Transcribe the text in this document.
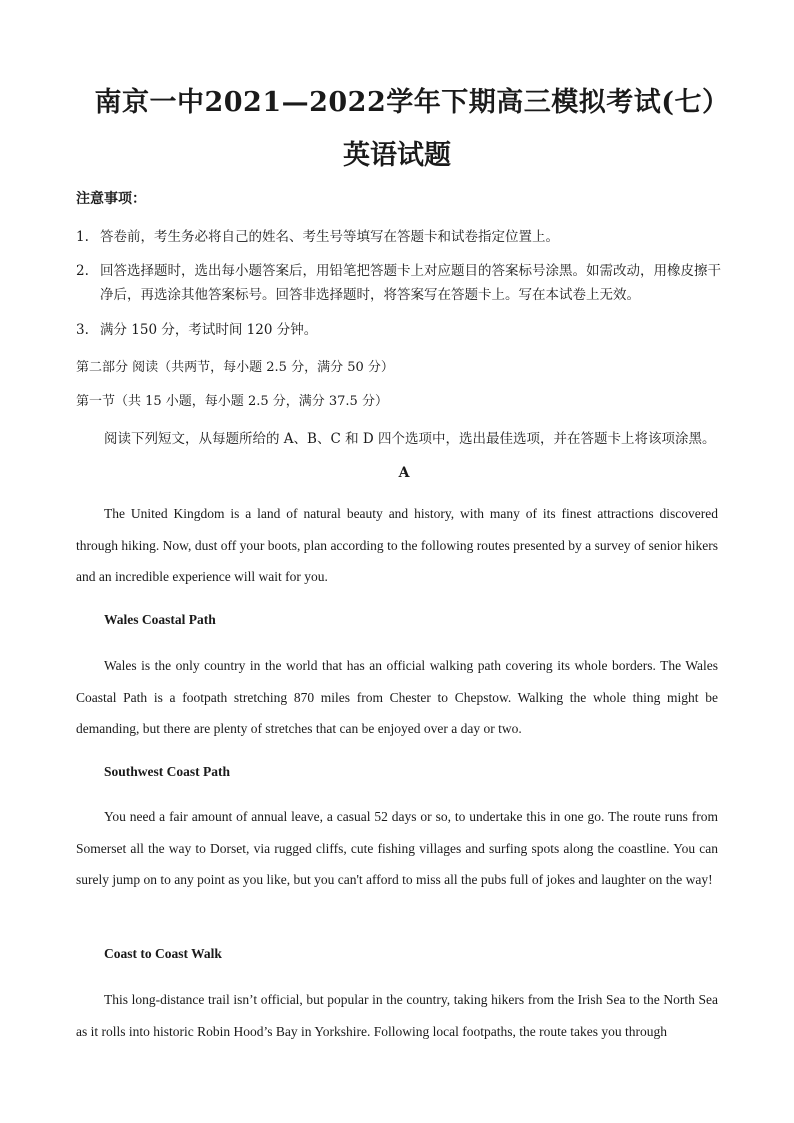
南京一中2021—2022学年下期高三模拟考试(七）
英语试题
注意事项：
1. 答卷前，考生务必将自己的姓名、考生号等填写在答题卡和试卷指定位置上。
2. 回答选择题时，选出每小题答案后，用铅笔把答题卡上对应题目的答案标号涂黑。如需改动，用橡皮擦干净后，再选涂其他答案标号。回答非选择题时，将答案写在答题卡上。写在本试卷上无效。
3. 满分 150 分，考试时间 120 分钟。
第二部分 阅读（共两节，每小题 2.5 分，满分 50 分）
第一节（共 15 小题，每小题 2.5 分，满分 37.5 分）
阅读下列短文，从每题所给的 A、B、C 和 D 四个选项中，选出最佳选项，并在答题卡上将该项涂黑。
A
The United Kingdom is a land of natural beauty and history, with many of its finest attractions discovered through hiking. Now, dust off your boots, plan according to the following routes presented by a survey of senior hikers and an incredible experience will wait for you.
Wales Coastal Path
Wales is the only country in the world that has an official walking path covering its whole borders. The Wales Coastal Path is a footpath stretching 870 miles from Chester to Chepstow. Walking the whole thing might be demanding, but there are plenty of stretches that can be enjoyed over a day or two.
Southwest Coast Path
You need a fair amount of annual leave, a casual 52 days or so, to undertake this in one go. The route runs from Somerset all the way to Dorset, via rugged cliffs, cute fishing villages and surfing spots along the coastline. You can surely jump on to any point as you like, but you can't afford to miss all the pubs full of jokes and laughter on the way!
Coast to Coast Walk
This long-distance trail isn’t official, but popular in the country, taking hikers from the Irish Sea to the North Sea as it rolls into historic Robin Hood’s Bay in Yorkshire. Following local footpaths, the route takes you through
